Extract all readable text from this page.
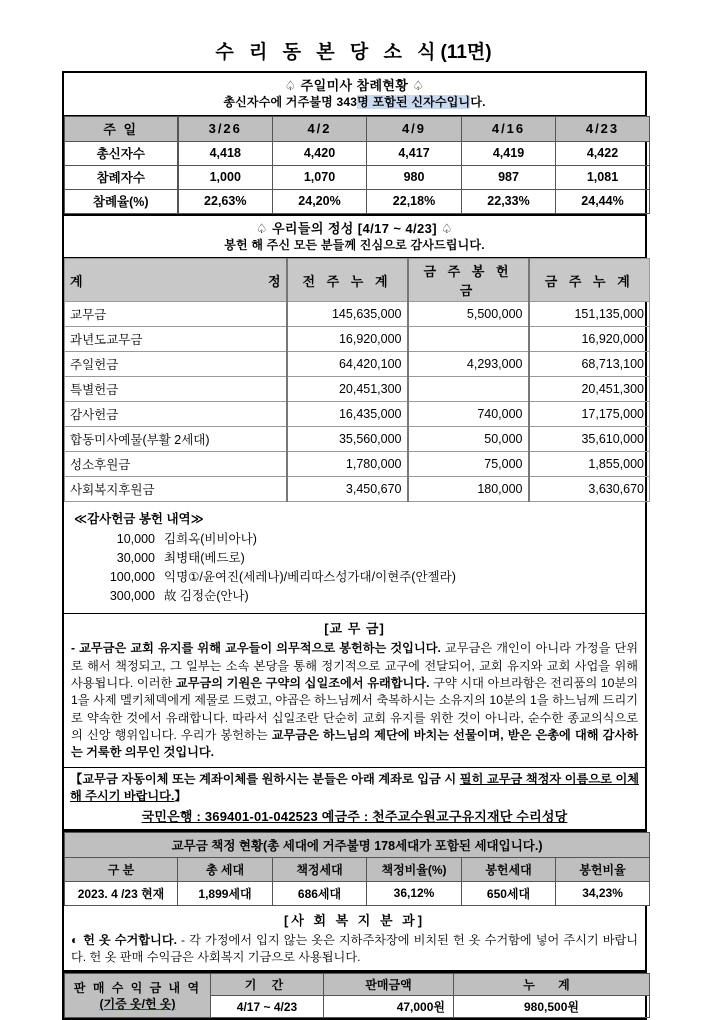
수 리 동 본 당 소 식(11면)
♤ 주일미사 참례현황 ♤
총신자수에 거주불명 343명 포함된 신자수입니다.
주 일	3/26	4/2	4/9	4/16	4/23
총신자수	4,418	4,420	4,417	4,419	4,422
참례자수	1,000	1,070	980	987	1,081
참례율(%)	22,63%	24,20%	22,18%	22,33%	24,44%
♤ 우리들의 정성 [4/17 ~ 4/23] ♤
봉헌 해 주신 모든 분들께 진심으로 감사드립니다.
계 정	전 주 누 계	금 주 봉 헌 금	금 주 누 계
교무금	145,635,000	5,500,000	151,135,000
과년도교무금	16,920,000		16,920,000
주일헌금	64,420,100	4,293,000	68,713,100
특별헌금	20,451,300		20,451,300
감사헌금	16,435,000	740,000	17,175,000
합동미사예물(부활 2세대)	35,560,000	50,000	35,610,000
성소후원금	1,780,000	75,000	1,855,000
사회복지후원금	3,450,670	180,000	3,630,670
≪감사헌금 봉헌 내역≫
10,000 김희옥(비비아나)
30,000 최병태(베드로)
100,000 익명①/윤여진(세레나)/베리따스성가대/이현주(안젤라)
300,000 故 김정순(안나)
[교 무 금]

- 교무금은 교회 유지를 위해 교우들이 의무적으로 봉헌하는 것입니다. 교무금은 개인이 아니라 가정을 단위로 해서 책정되고, 그 일부는 소속 본당을 통해 정기적으로 교구에 전달되어, 교회 유지와 교회 사업을 위해 사용됩니다. 이러한 교무금의 기원은 구약의 십일조에서 유래합니다. 구약 시대 아브라함은 전리품의 10분의 1을 사제 멜키체덱에게 제물로 드렸고, 야곱은 하느님께서 축복하시는 소유지의 10분의 1을 하느님께 드리기로 약속한 것에서 유래합니다. 따라서 십일조란 단순히 교회 유지를 위한 것이 아니라, 순수한 종교의식으로의 신앙 행위입니다. 우리가 봉헌하는 교무금은 하느님의 제단에 바치는 선물이며, 받은 은총에 대해 감사하는 거룩한 의무인 것입니다.

【교무금 자동이체 또는 계좌이체를 원하시는 분들은 아래 계좌로 입금 시 필히 교무금 책정자 이름으로 이체해 주시기 바랍니다.】
국민은행 : 369401-01-042523 예금주 : 천주교수원교구유지재단 수리성당
교무금 책정 현황(총 세대에 거주불명 178세대가 포함된 세대입니다.)					
구 분	총 세대	책정세대	책정비율(%)	봉헌세대	봉헌비율
2023. 4 /23 현재	1,899세대	686세대	36,12%	650세대	34,23%
[사 회 복 지 분 과]

◐ 헌 옷 수거합니다. - 각 가정에서 입지 않는 옷은 지하주차장에 비치된 헌 옷 수거함에 넣어 주시기 바랍니다. 헌 옷 판매 수익금은 사회복지 기금으로 사용됩니다.

판 매 수 익 금 내 역
(기증 옷/헌 옷)	기 간	판매금액	누 계
	4/17 ~ 4/23	47,000원	980,500원
